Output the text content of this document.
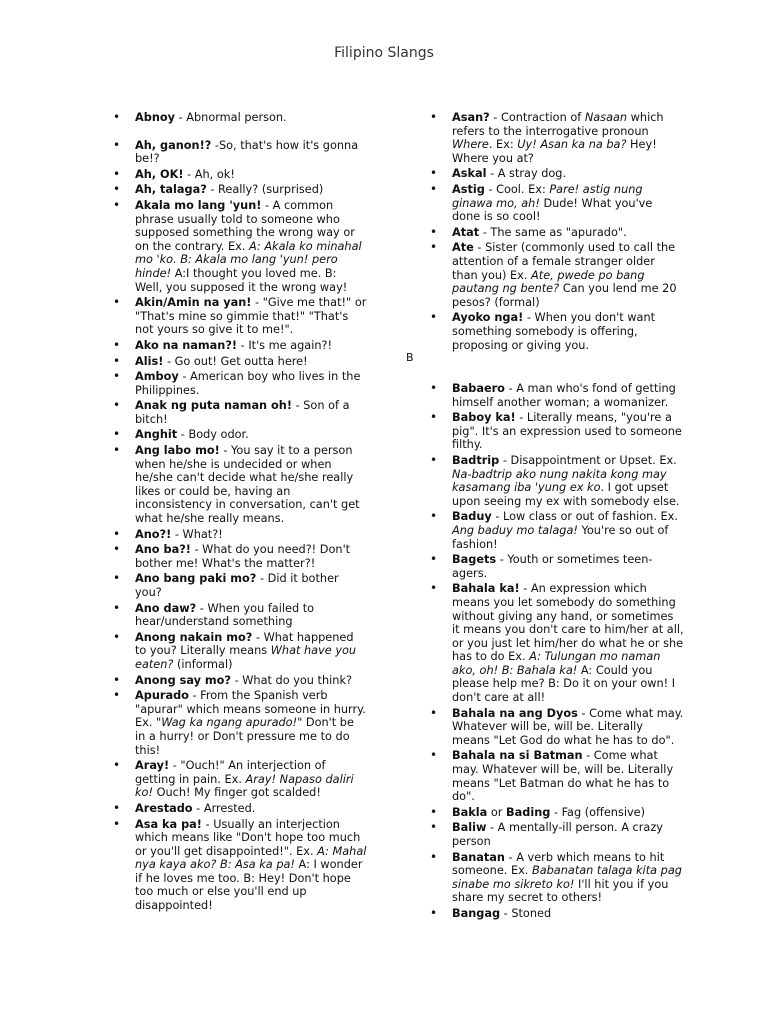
Filipino Slangs
• Abnoy - Abnormal person.
• Ah, ganon!? -So, that's how it's gonna be!?
• Ah, OK! - Ah, ok!
• Ah, talaga? - Really? (surprised)
• Akala mo lang 'yun! - A common phrase usually told to someone who supposed something the wrong way or on the contrary. Ex. A: Akala ko minahal mo 'ko. B: Akala mo lang 'yun! pero hinde! A:I thought you loved me. B: Well, you supposed it the wrong way!
• Akin/Amin na yan! - "Give me that!" or "That's mine so gimmie that!" "That's not yours so give it to me!".
• Ako na naman?! - It's me again?!
• Alis! - Go out! Get outta here!
• Amboy - American boy who lives in the Philippines.
• Anak ng puta naman oh! - Son of a bitch!
• Anghit - Body odor.
• Ang labo mo! - You say it to a person when he/she is undecided or when he/she can't decide what he/she really likes or could be, having an inconsistency in conversation, can't get what he/she really means.
• Ano?! - What?!
• Ano ba?! - What do you need?! Don't bother me! What's the matter?!
• Ano bang paki mo? - Did it bother you?
• Ano daw? - When you failed to hear/understand something
• Anong nakain mo? - What happened to you? Literally means What have you eaten? (informal)
• Anong say mo? - What do you think?
• Apurado - From the Spanish verb "apurar" which means someone in hurry. Ex. "Wag ka ngang apurado!" Don't be in a hurry! or Don't pressure me to do this!
• Aray! - "Ouch!" An interjection of getting in pain. Ex. Aray! Napaso daliri ko! Ouch! My finger got scalded!
• Arestado - Arrested.
• Asa ka pa! - Usually an interjection which means like "Don't hope too much or you'll get disappointed!". Ex. A: Mahal nya kaya ako? B: Asa ka pa! A: I wonder if he loves me too. B: Hey! Don't hope too much or else you'll end up disappointed!
• Asan? - Contraction of Nasaan which refers to the interrogative pronoun Where. Ex: Uy! Asan ka na ba? Hey! Where you at?
• Askal - A stray dog.
• Astig - Cool. Ex: Pare! astig nung ginawa mo, ah! Dude! What you've done is so cool!
• Atat - The same as "apurado".
• Ate - Sister (commonly used to call the attention of a female stranger older than you) Ex. Ate, pwede po bang pautang ng bente? Can you lend me 20 pesos? (formal)
• Ayoko nga! - When you don't want something somebody is offering, proposing or giving you.
B
• Babaero - A man who's fond of getting himself another woman; a womanizer.
• Baboy ka! - Literally means, "you're a pig". It's an expression used to someone filthy.
• Badtrip - Disappointment or Upset. Ex. Na-badtrip ako nung nakita kong may kasamang iba 'yung ex ko. I got upset upon seeing my ex with somebody else.
• Baduy - Low class or out of fashion. Ex. Ang baduy mo talaga! You're so out of fashion!
• Bagets - Youth or sometimes teen-agers.
• Bahala ka! - An expression which means you let somebody do something without giving any hand, or sometimes it means you don't care to him/her at all, or you just let him/her do what he or she has to do Ex. A: Tulungan mo naman ako, oh! B: Bahala ka! A: Could you please help me? B: Do it on your own! I don't care at all!
• Bahala na ang Dyos - Come what may. Whatever will be, will be. Literally means "Let God do what he has to do".
• Bahala na si Batman - Come what may. Whatever will be, will be. Literally means "Let Batman do what he has to do".
• Bakla or Bading - Fag (offensive)
• Baliw - A mentally-ill person. A crazy person
• Banatan - A verb which means to hit someone. Ex. Babanatan talaga kita pag sinabe mo sikreto ko! I'll hit you if you share my secret to others!
• Bangag - Stoned
